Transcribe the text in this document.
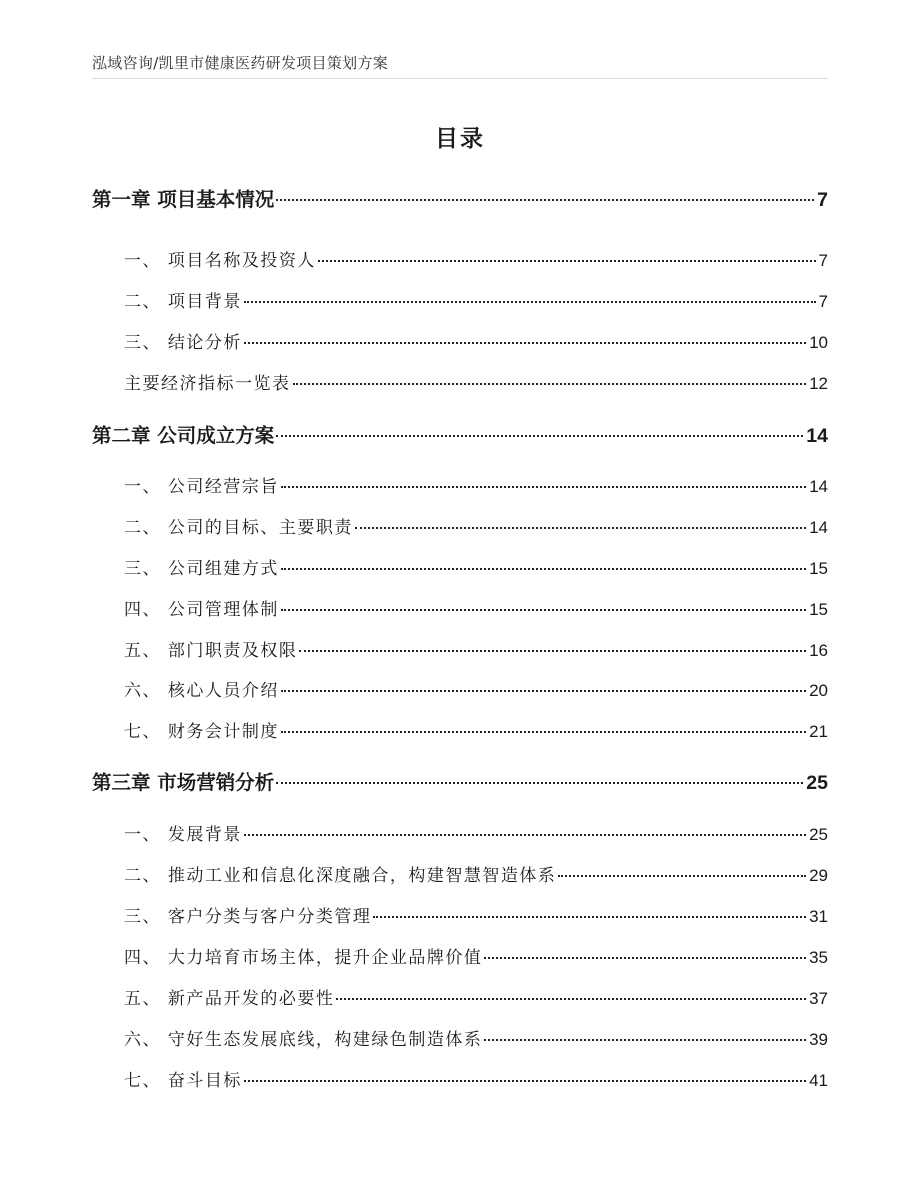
泓域咨询/凯里市健康医药研发项目策划方案
目录
第一章 项目基本情况	7
一、 项目名称及投资人	7
二、 项目背景	7
三、 结论分析	10
主要经济指标一览表	12
第二章 公司成立方案	14
一、 公司经营宗旨	14
二、 公司的目标、主要职责	14
三、 公司组建方式	15
四、 公司管理体制	15
五、 部门职责及权限	16
六、 核心人员介绍	20
七、 财务会计制度	21
第三章 市场营销分析	25
一、 发展背景	25
二、 推动工业和信息化深度融合，构建智慧智造体系	29
三、 客户分类与客户分类管理	31
四、 大力培育市场主体，提升企业品牌价值	35
五、 新产品开发的必要性	37
六、 守好生态发展底线，构建绿色制造体系	39
七、 奋斗目标	41
